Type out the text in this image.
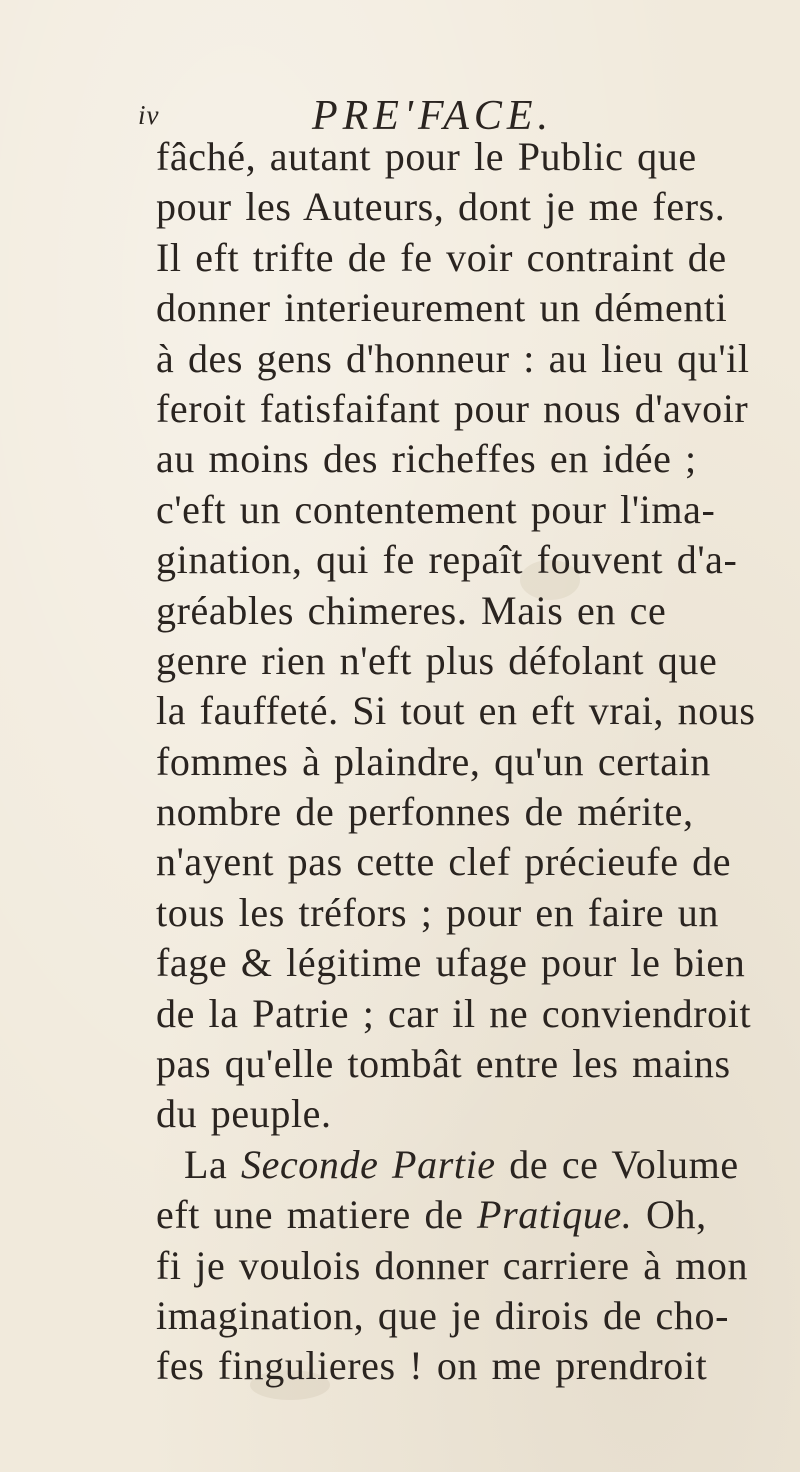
iv	PRE'FACE.
fâché, autant pour le Public que
pour les Auteurs, dont je me fers.
Il eft trifte de fe voir contraint de
donner interieurement un démenti
à des gens d'honneur : au lieu qu'il
feroit fatisfaifant pour nous d'avoir
au moins des richeffes en idée ;
c'eft un contentement pour l'ima-
gination, qui fe repaît fouvent d'a-
gréables chimeres. Mais en ce
genre rien n'eft plus défolant que
la fauffeté. Si tout en eft vrai, nous
fommes à plaindre, qu'un certain
nombre de perfonnes de mérite,
n'ayent pas cette clef précieufe de
tous les tréfors ; pour en faire un
fage & légitime ufage pour le bien
de la Patrie ; car il ne conviendroit
pas qu'elle tombât entre les mains
du peuple.
La Seconde Partie de ce Volume
eft une matiere de Pratique. Oh,
fi je voulois donner carriere à mon
imagination, que je dirois de cho-
fes fingulieres ! on me prendroit
